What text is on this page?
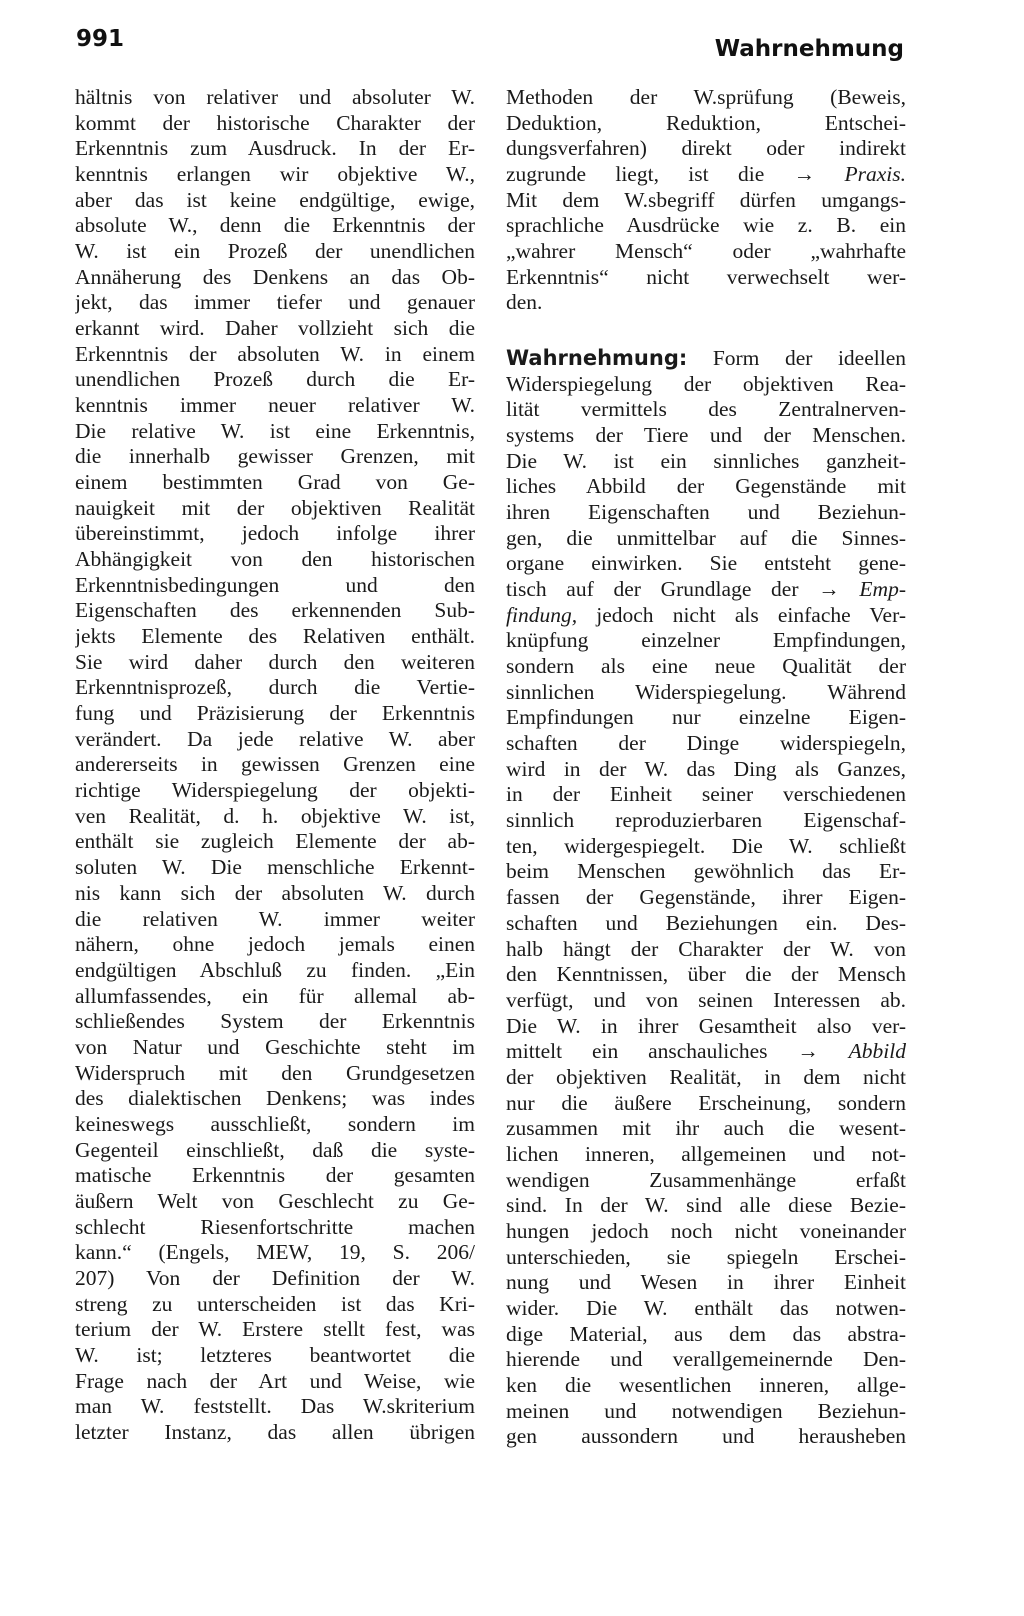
991	Wahrnehmung
hältnis von relativer und absoluter W.
kommt der historische Charakter der
Erkenntnis zum Ausdruck. In der Er-
kenntnis erlangen wir objektive W.,
aber das ist keine endgültige, ewige,
absolute W., denn die Erkenntnis der
W. ist ein Prozeß der unendlichen
Annäherung des Denkens an das Ob-
jekt, das immer tiefer und genauer
erkannt wird. Daher vollzieht sich die
Erkenntnis der absoluten W. in einem
unendlichen Prozeß durch die Er-
kenntnis immer neuer relativer W.
Die relative W. ist eine Erkenntnis,
die innerhalb gewisser Grenzen, mit
einem bestimmten Grad von Ge-
nauigkeit mit der objektiven Realität
übereinstimmt, jedoch infolge ihrer
Abhängigkeit von den historischen
Erkenntnisbedingungen und den
Eigenschaften des erkennenden Sub-
jekts Elemente des Relativen enthält.
Sie wird daher durch den weiteren
Erkenntnisprozeß, durch die Vertie-
fung und Präzisierung der Erkenntnis
verändert. Da jede relative W. aber
andererseits in gewissen Grenzen eine
richtige Widerspiegelung der objekti-
ven Realität, d. h. objektive W. ist,
enthält sie zugleich Elemente der ab-
soluten W. Die menschliche Erkennt-
nis kann sich der absoluten W. durch
die relativen W. immer weiter
nähern, ohne jedoch jemals einen
endgültigen Abschluß zu finden. „Ein
allumfassendes, ein für allemal ab-
schließendes System der Erkenntnis
von Natur und Geschichte steht im
Widerspruch mit den Grundgesetzen
des dialektischen Denkens; was indes
keineswegs ausschließt, sondern im
Gegenteil einschließt, daß die syste-
matische Erkenntnis der gesamten
äußern Welt von Geschlecht zu Ge-
schlecht Riesenfortschritte machen
kann.“ (Engels, MEW, 19, S. 206/
207) Von der Definition der W.
streng zu unterscheiden ist das Kri-
terium der W. Erstere stellt fest, was
W. ist; letzteres beantwortet die
Frage nach der Art und Weise, wie
man W. feststellt. Das W.skriterium
letzter Instanz, das allen übrigen
Methoden der W.sprüfung (Beweis,
Deduktion, Reduktion, Entschei-
dungsverfahren) direkt oder indirekt
zugrunde liegt, ist die → Praxis.
Mit dem W.sbegriff dürfen umgangs-
sprachliche Ausdrücke wie z. B. ein
„wahrer Mensch“ oder „wahrhafte
Erkenntnis“ nicht verwechselt wer-
den.
Wahrnehmung: Form der ideellen
Widerspiegelung der objektiven Rea-
lität vermittels des Zentralnerven-
systems der Tiere und der Menschen.
Die W. ist ein sinnliches ganzheit-
liches Abbild der Gegenstände mit
ihren Eigenschaften und Beziehun-
gen, die unmittelbar auf die Sinnes-
organe einwirken. Sie entsteht gene-
tisch auf der Grundlage der → Emp-
findung, jedoch nicht als einfache Ver-
knüpfung einzelner Empfindungen,
sondern als eine neue Qualität der
sinnlichen Widerspiegelung. Während
Empfindungen nur einzelne Eigen-
schaften der Dinge widerspiegeln,
wird in der W. das Ding als Ganzes,
in der Einheit seiner verschiedenen
sinnlich reproduzierbaren Eigenschaf-
ten, widergespiegelt. Die W. schließt
beim Menschen gewöhnlich das Er-
fassen der Gegenstände, ihrer Eigen-
schaften und Beziehungen ein. Des-
halb hängt der Charakter der W. von
den Kenntnissen, über die der Mensch
verfügt, und von seinen Interessen ab.
Die W. in ihrer Gesamtheit also ver-
mittelt ein anschauliches → Abbild
der objektiven Realität, in dem nicht
nur die äußere Erscheinung, sondern
zusammen mit ihr auch die wesent-
lichen inneren, allgemeinen und not-
wendigen Zusammenhänge erfaßt
sind. In der W. sind alle diese Bezie-
hungen jedoch noch nicht voneinander
unterschieden, sie spiegeln Erschei-
nung und Wesen in ihrer Einheit
wider. Die W. enthält das notwen-
dige Material, aus dem das abstra-
hierende und verallgemeinernde Den-
ken die wesentlichen inneren, allge-
meinen und notwendigen Beziehun-
gen aussondern und herausheben
